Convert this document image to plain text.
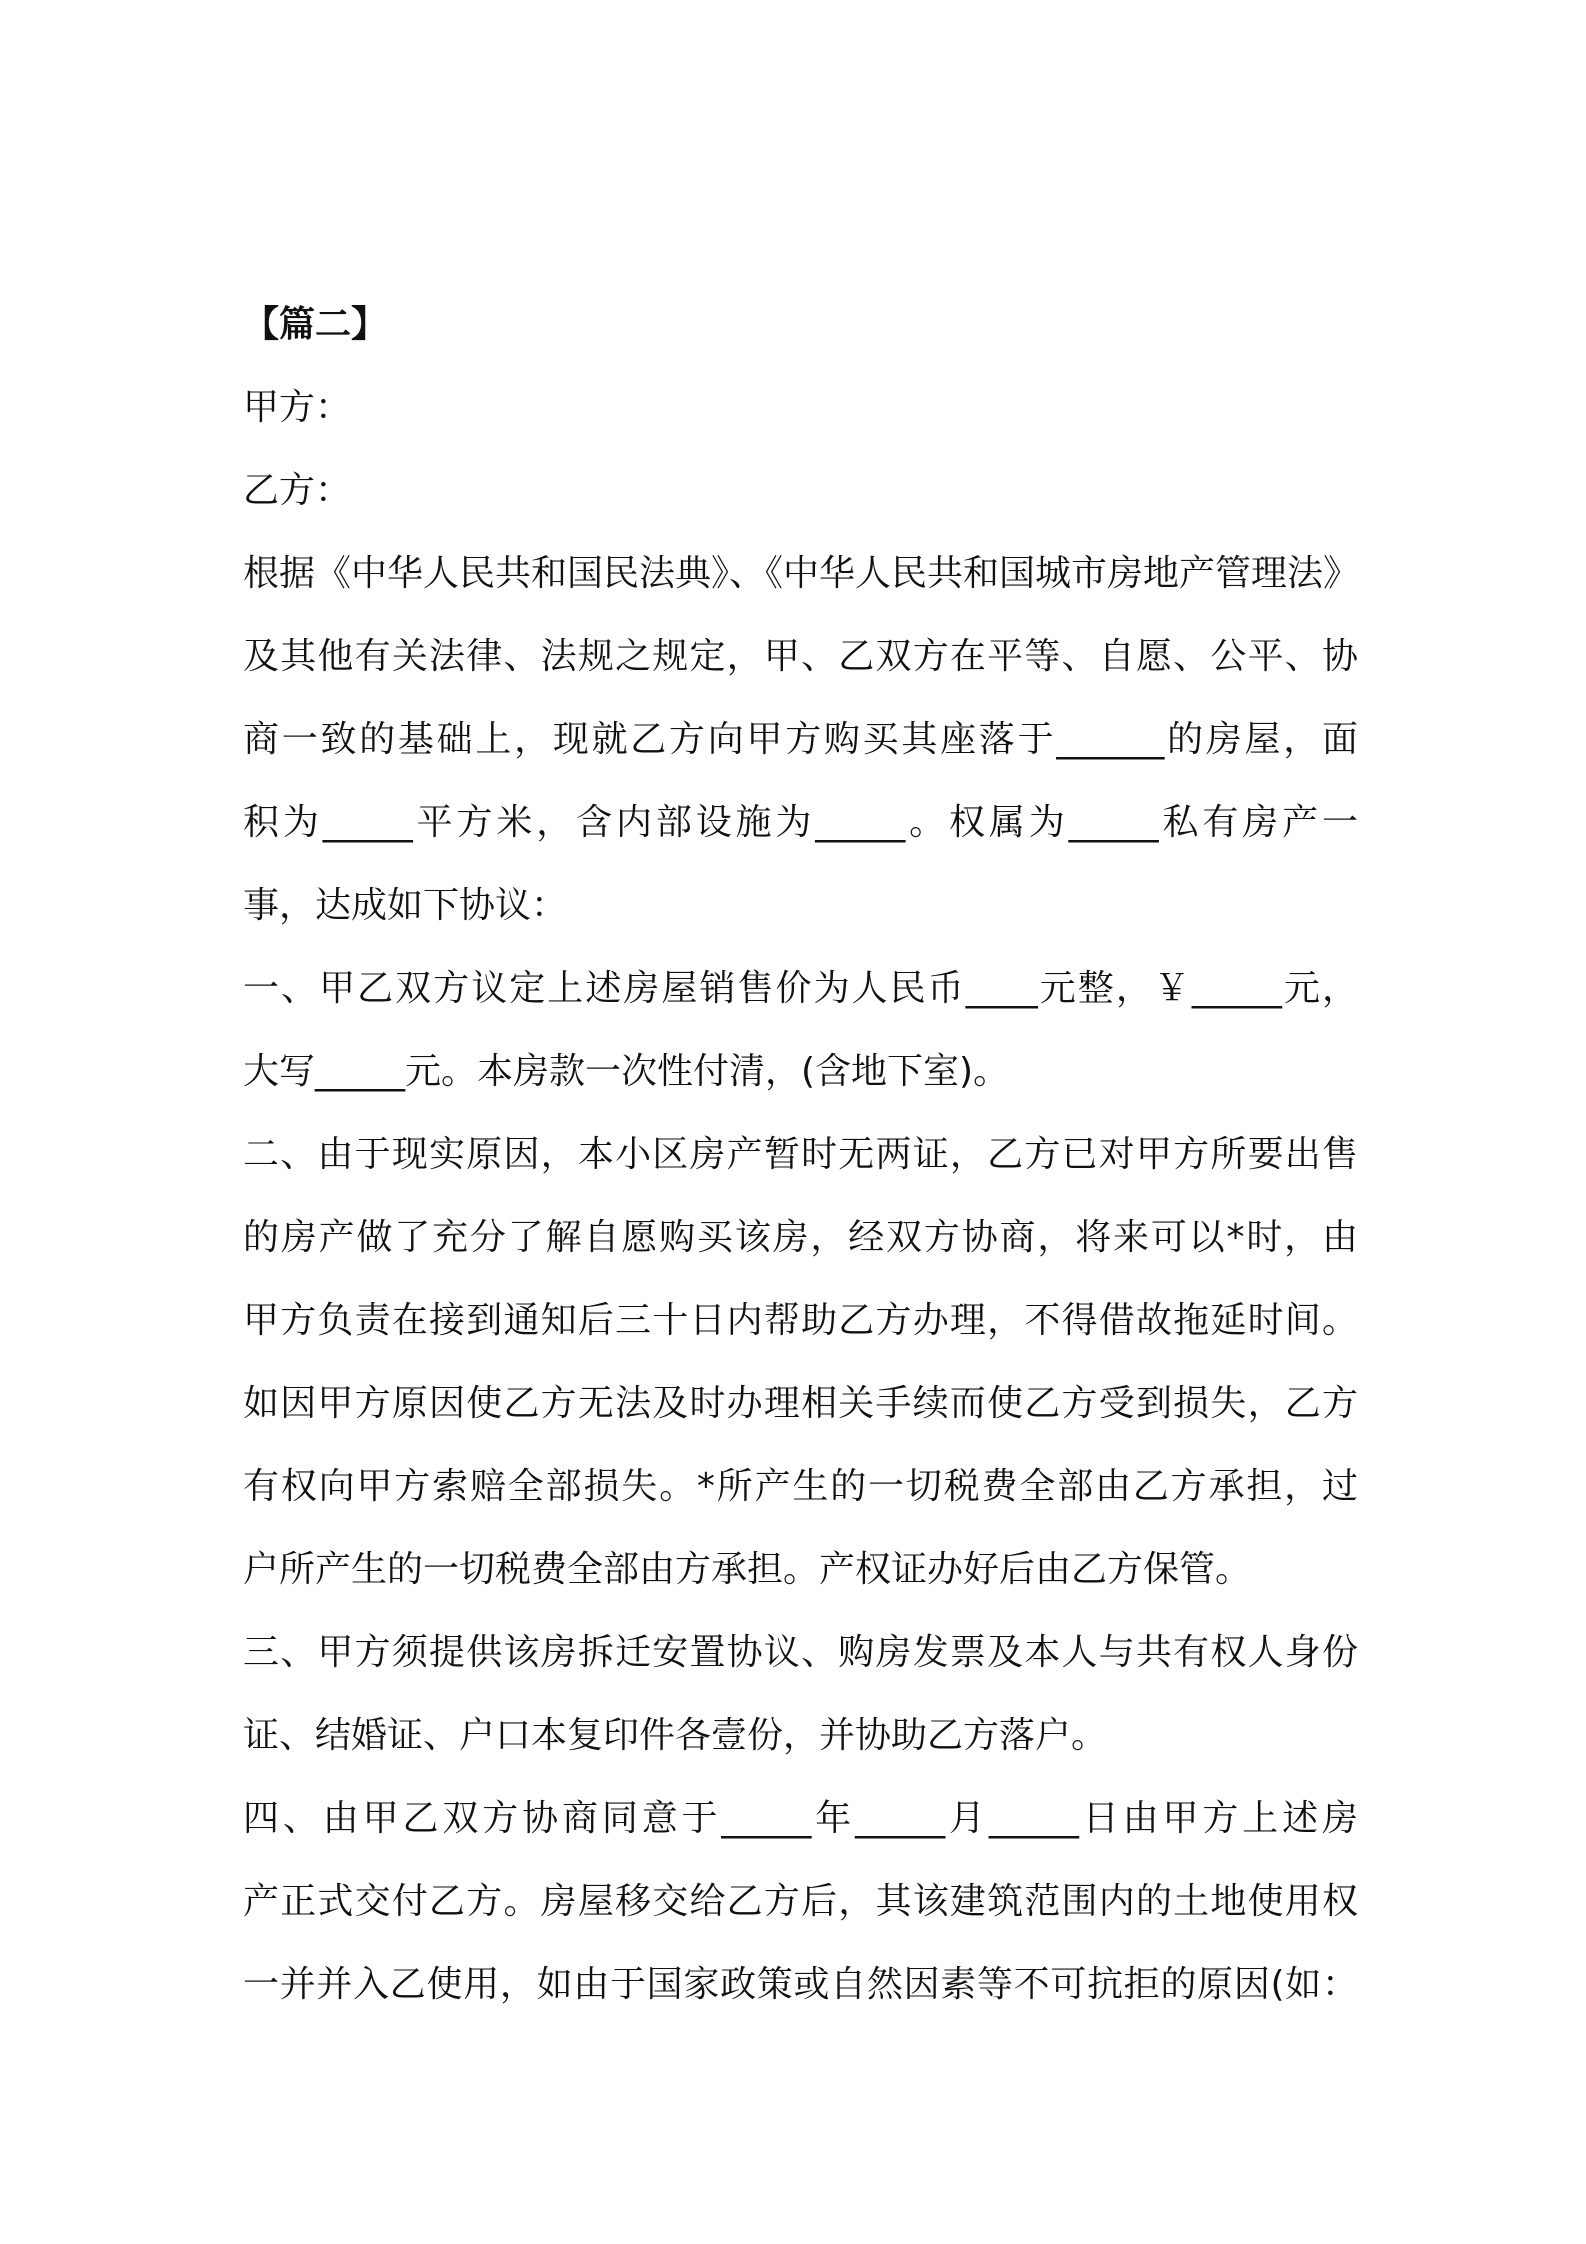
【篇二】
甲方：
乙方：
根据《中华人民共和国民法典》、《中华人民共和国城市房地产管理法》
及其他有关法律、法规之规定，甲、乙双方在平等、自愿、公平、协
商一致的基础上，现就乙方向甲方购买其座落于______的房屋，面
积为_____平方米，含内部设施为_____。权属为_____私有房产一
事，达成如下协议：
一、甲乙双方议定上述房屋销售价为人民币____元整，￥_____元，
大写_____元。本房款一次性付清，(含地下室)。
二、由于现实原因，本小区房产暂时无两证，乙方已对甲方所要出售
的房产做了充分了解自愿购买该房，经双方协商，将来可以*时，由
甲方负责在接到通知后三十日内帮助乙方办理，不得借故拖延时间。
如因甲方原因使乙方无法及时办理相关手续而使乙方受到损失，乙方
有权向甲方索赔全部损失。*所产生的一切税费全部由乙方承担，过
户所产生的一切税费全部由方承担。产权证办好后由乙方保管。
三、甲方须提供该房拆迁安置协议、购房发票及本人与共有权人身份
证、结婚证、户口本复印件各壹份，并协助乙方落户。
四、由甲乙双方协商同意于_____年_____月_____日由甲方上述房
产正式交付乙方。房屋移交给乙方后，其该建筑范围内的土地使用权
一并并入乙使用，如由于国家政策或自然因素等不可抗拒的原因(如：
